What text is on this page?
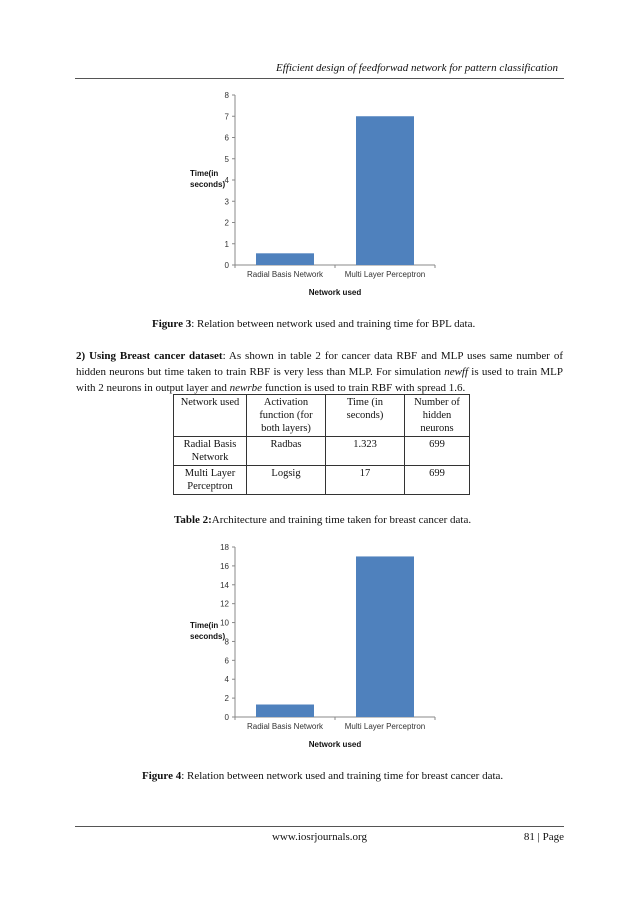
Efficient design of feedforwad network for pattern classification
0
1
2
3
4
5
6
7
8
Radial Basis Network	Multi Layer Perceptron
Time(in
seconds)
Network used
Figure 3: Relation between network used and training time for BPL data.
2) Using Breast cancer dataset: As shown in table 2 for cancer data RBF and MLP uses same number of hidden neurons but time taken to train RBF is very less than MLP. For simulation newff is used to train MLP with 2 neurons in output layer and newrbe function is used to train RBF with spread 1.6.
Network used	Activation function (for both layers)	Time (in seconds)	Number of hidden neurons
Radial Basis Network	Radbas	1.323	699
Multi Layer Perceptron	Logsig	17	699
Table 2:Architecture and training time taken for breast cancer data.
0
2
4
6
8
10
12
14
16
18
Radial Basis Network	Multi Layer Perceptron
Time(in
seconds)
Network used
Figure 4: Relation between network used and training time for breast cancer data.
www.iosrjournals.org	81 | Page
